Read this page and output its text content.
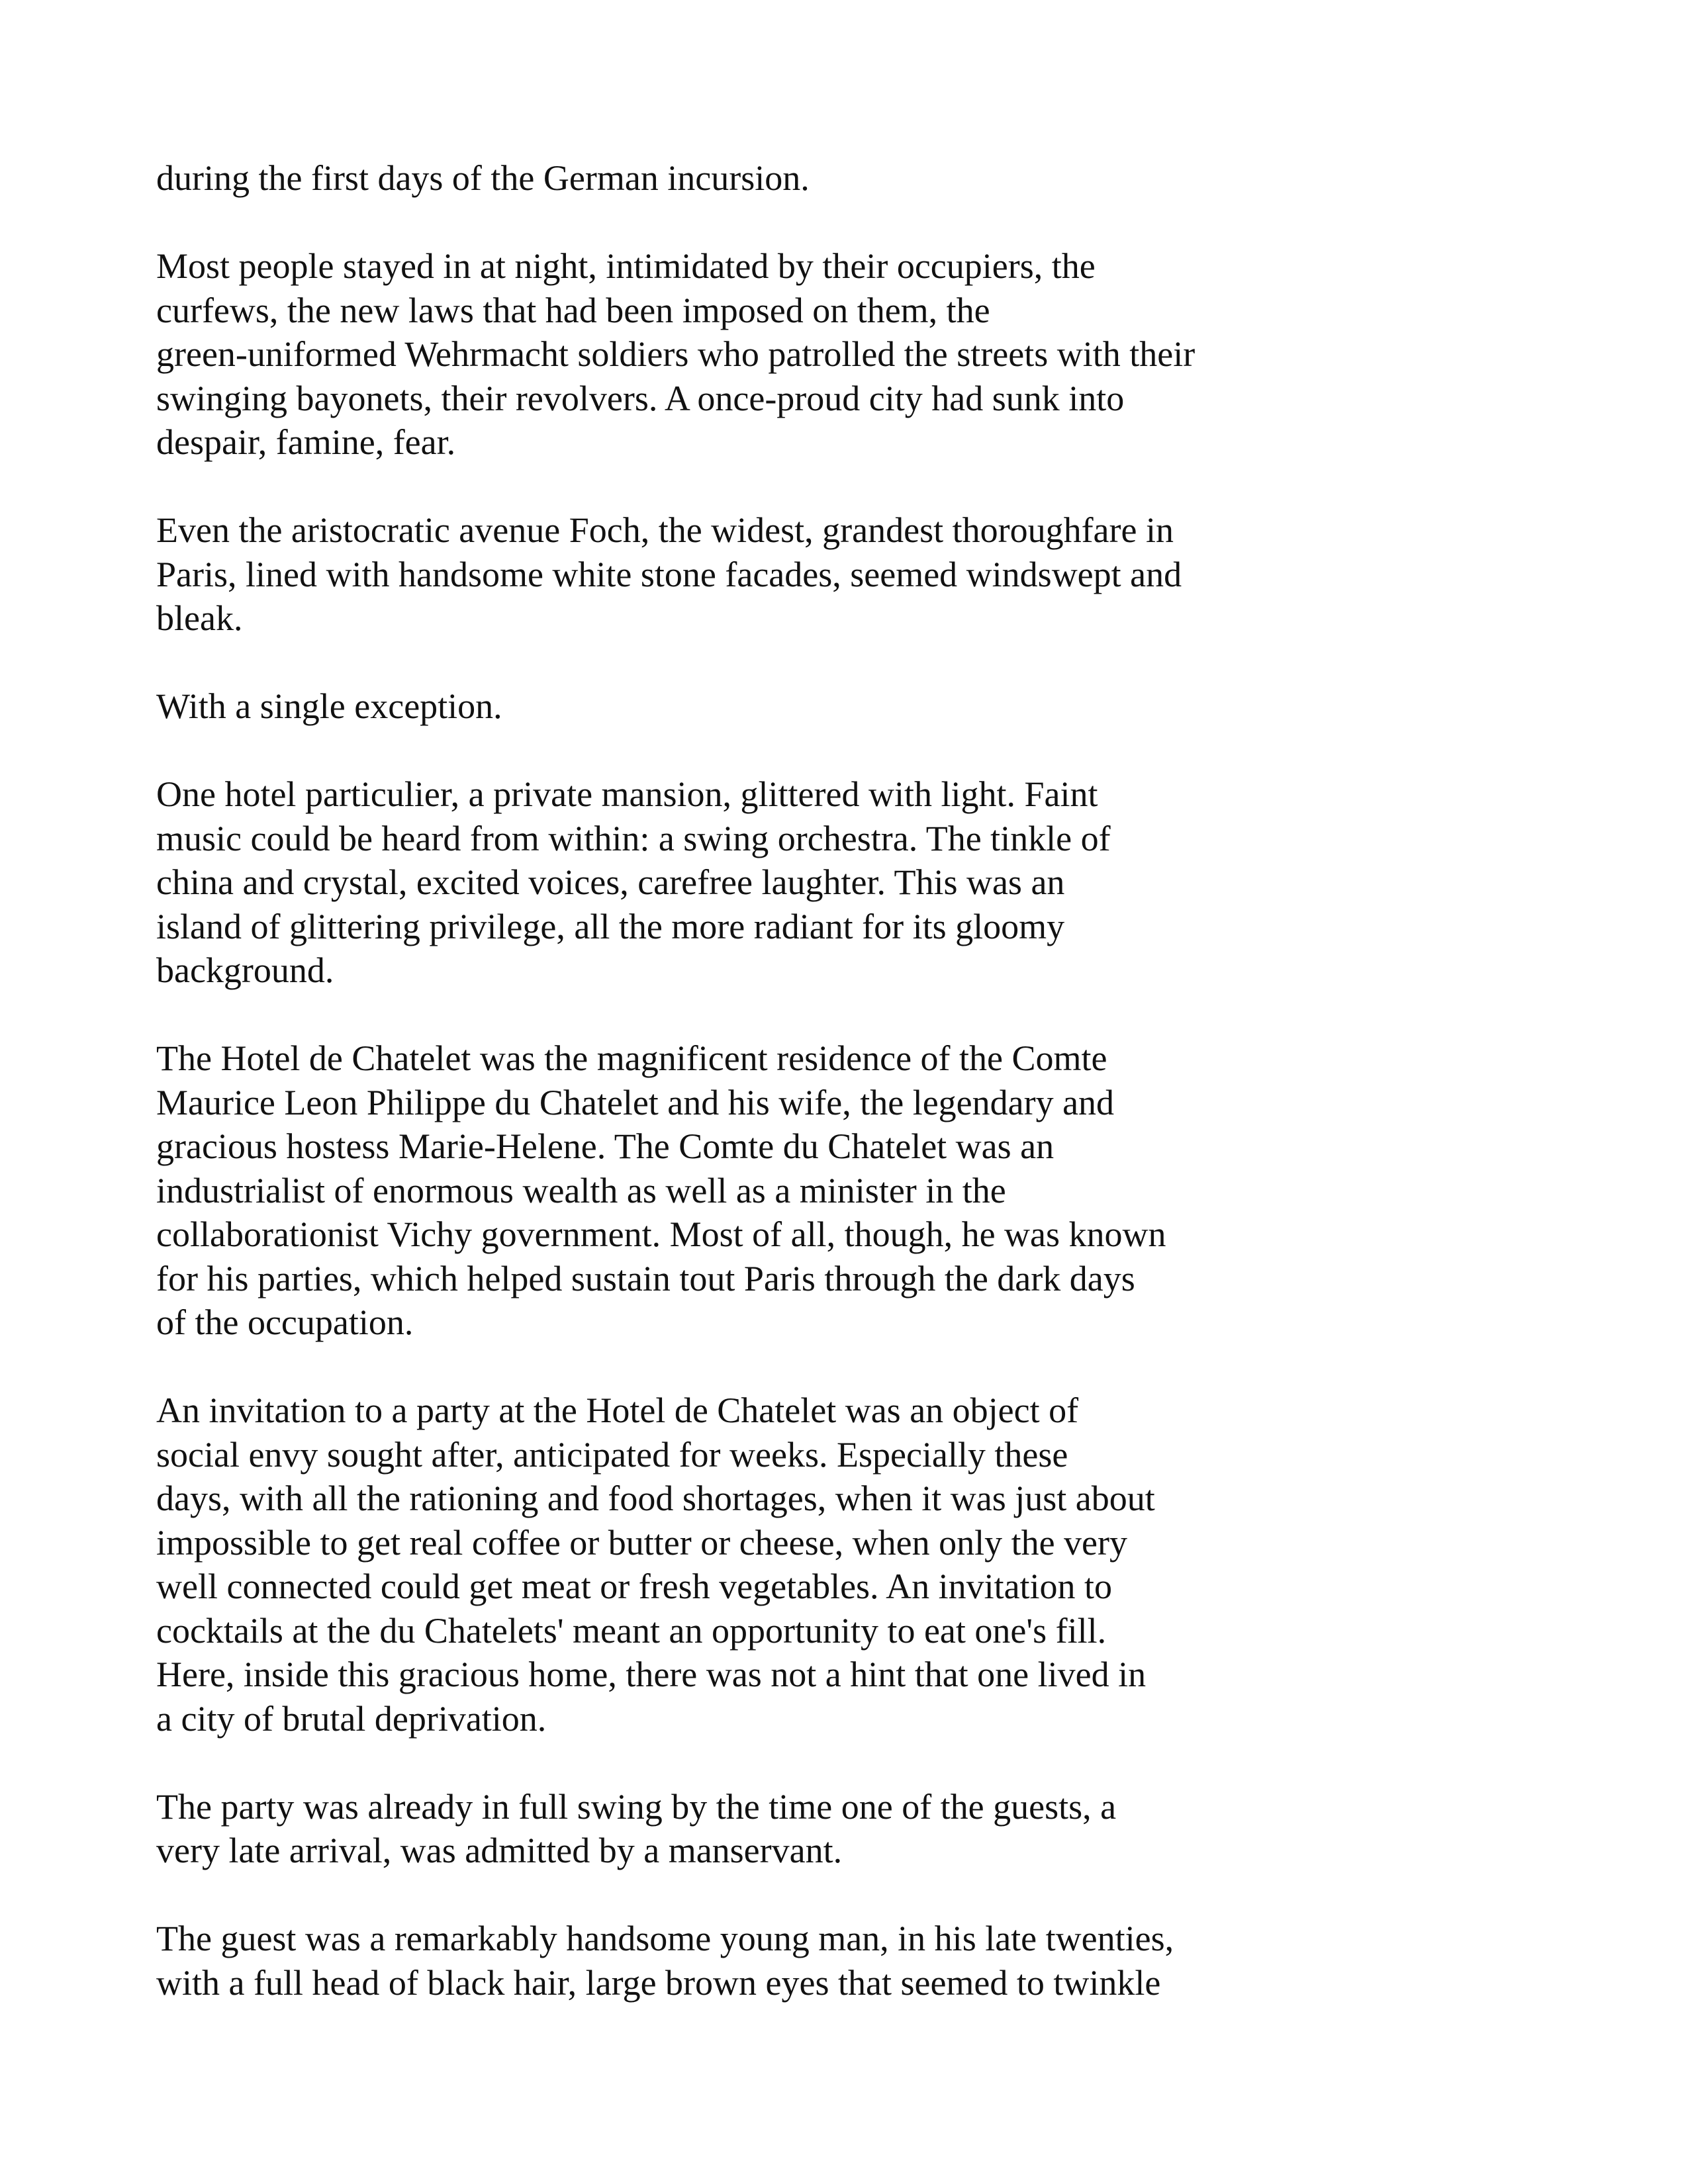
during the first days of the German incursion.

Most people stayed in at night, intimidated by their occupiers, the
curfews, the new laws that had been imposed on them, the
green-uniformed Wehrmacht soldiers who patrolled the streets with their
swinging bayonets, their revolvers. A once-proud city had sunk into
despair, famine, fear.

Even the aristocratic avenue Foch, the widest, grandest thoroughfare in
Paris, lined with handsome white stone facades, seemed windswept and
bleak.

With a single exception.

One hotel particulier, a private mansion, glittered with light. Faint
music could be heard from within: a swing orchestra. The tinkle of
china and crystal, excited voices, carefree laughter. This was an
island of glittering privilege, all the more radiant for its gloomy
background.

The Hotel de Chatelet was the magnificent residence of the Comte
Maurice Leon Philippe du Chatelet and his wife, the legendary and
gracious hostess Marie-Helene. The Comte du Chatelet was an
industrialist of enormous wealth as well as a minister in the
collaborationist Vichy government. Most of all, though, he was known
for his parties, which helped sustain tout Paris through the dark days
of the occupation.

An invitation to a party at the Hotel de Chatelet was an object of
social envy sought after, anticipated for weeks. Especially these
days, with all the rationing and food shortages, when it was just about
impossible to get real coffee or butter or cheese, when only the very
well connected could get meat or fresh vegetables. An invitation to
cocktails at the du Chatelets' meant an opportunity to eat one's fill.
Here, inside this gracious home, there was not a hint that one lived in
a city of brutal deprivation.

The party was already in full swing by the time one of the guests, a
very late arrival, was admitted by a manservant.

The guest was a remarkably handsome young man, in his late twenties,
with a full head of black hair, large brown eyes that seemed to twinkle
